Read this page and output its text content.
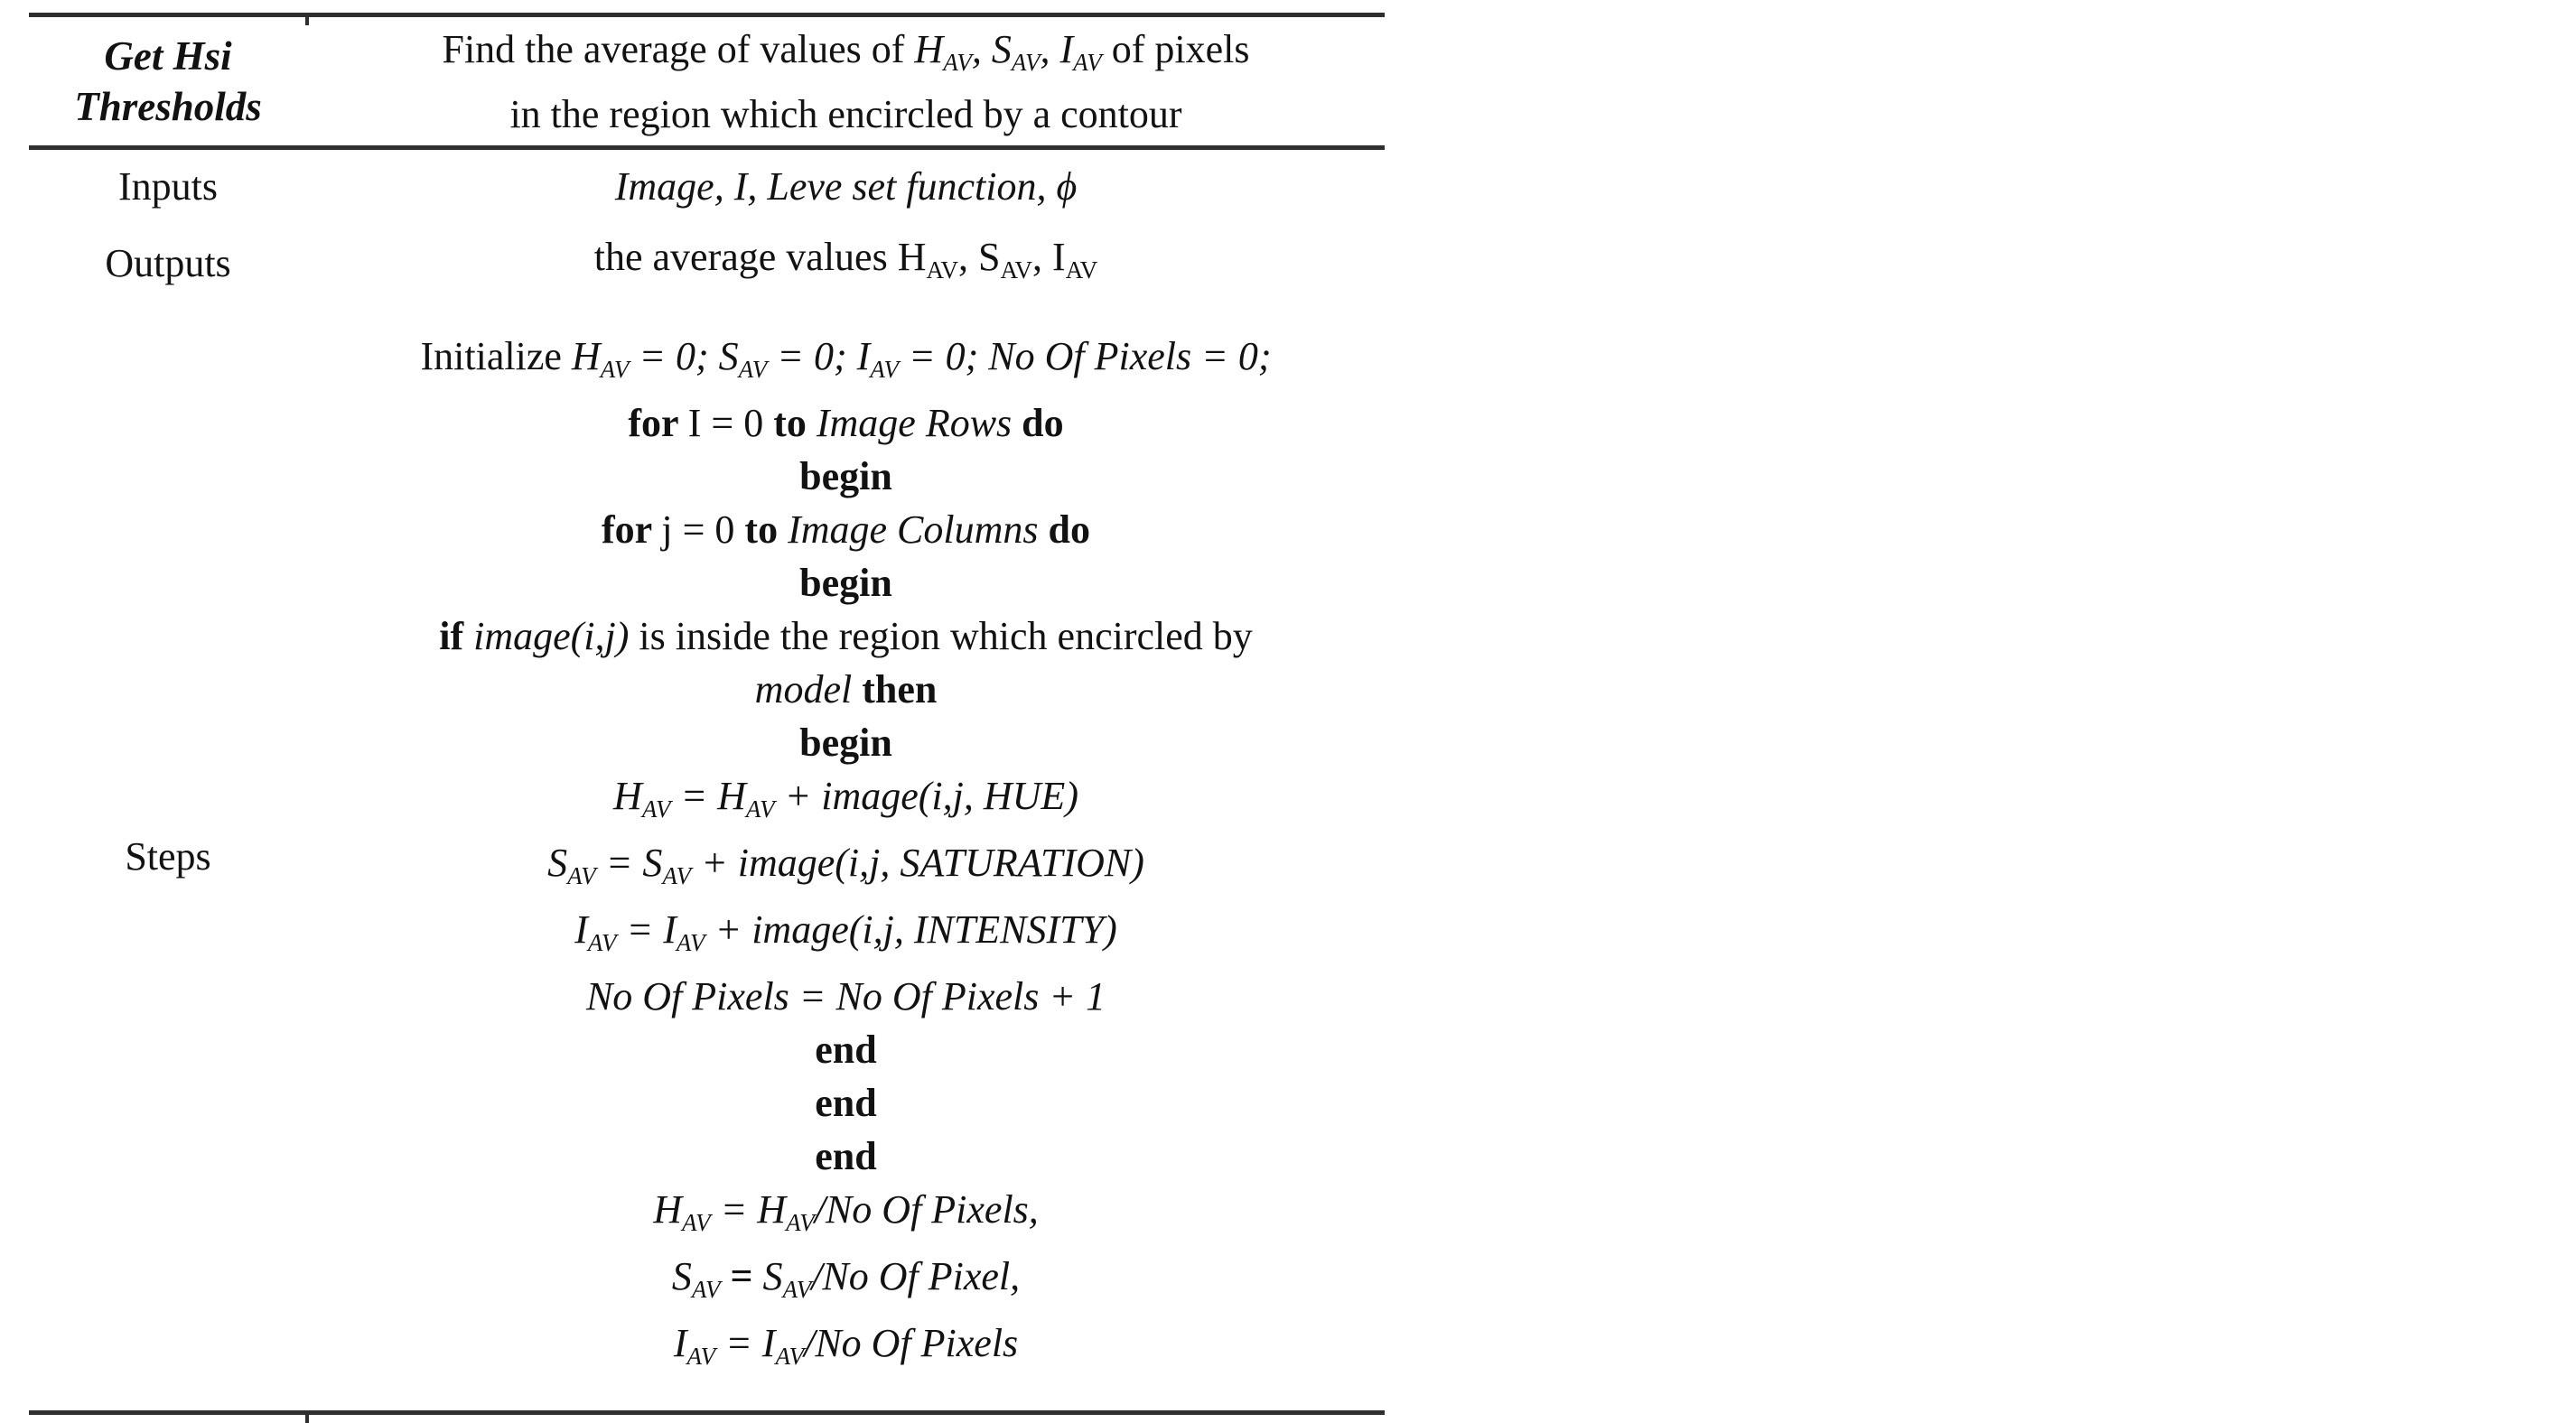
Get Hsi
Thresholds
Find the average of values of $H_{AV}$, $S_{AV}$, $I_{AV}$ of pixels
in the region which encircled by a contour
Inputs	Image, I, Leve set function, ϕ
Outputs	the average values $H_{AV}$, $S_{AV}$, $I_{AV}$
Steps
Initialize $H_{AV} = 0$; $S_{AV} = 0$; $I_{AV} = 0$; No Of Pixels = 0;
for I = 0 to Image Rows do
begin
for j = 0 to Image Columns do
begin
if image(i,j) is inside the region which encircled by
model then
begin
$H_{AV} = H_{AV}$ + image(i,j, HUE)
$S_{AV} = S_{AV}$ + image(i,j, SATURATION)
$I_{AV} = I_{AV}$ + image(i,j, INTENSITY)
No Of Pixels = No Of Pixels + 1
end
end
end
$H_{AV} = H_{AV}/No$ Of Pixels,
$S_{AV} = S_{AV}/No$ Of Pixel,
$I_{AV} = I_{AV}/No$ Of Pixels
